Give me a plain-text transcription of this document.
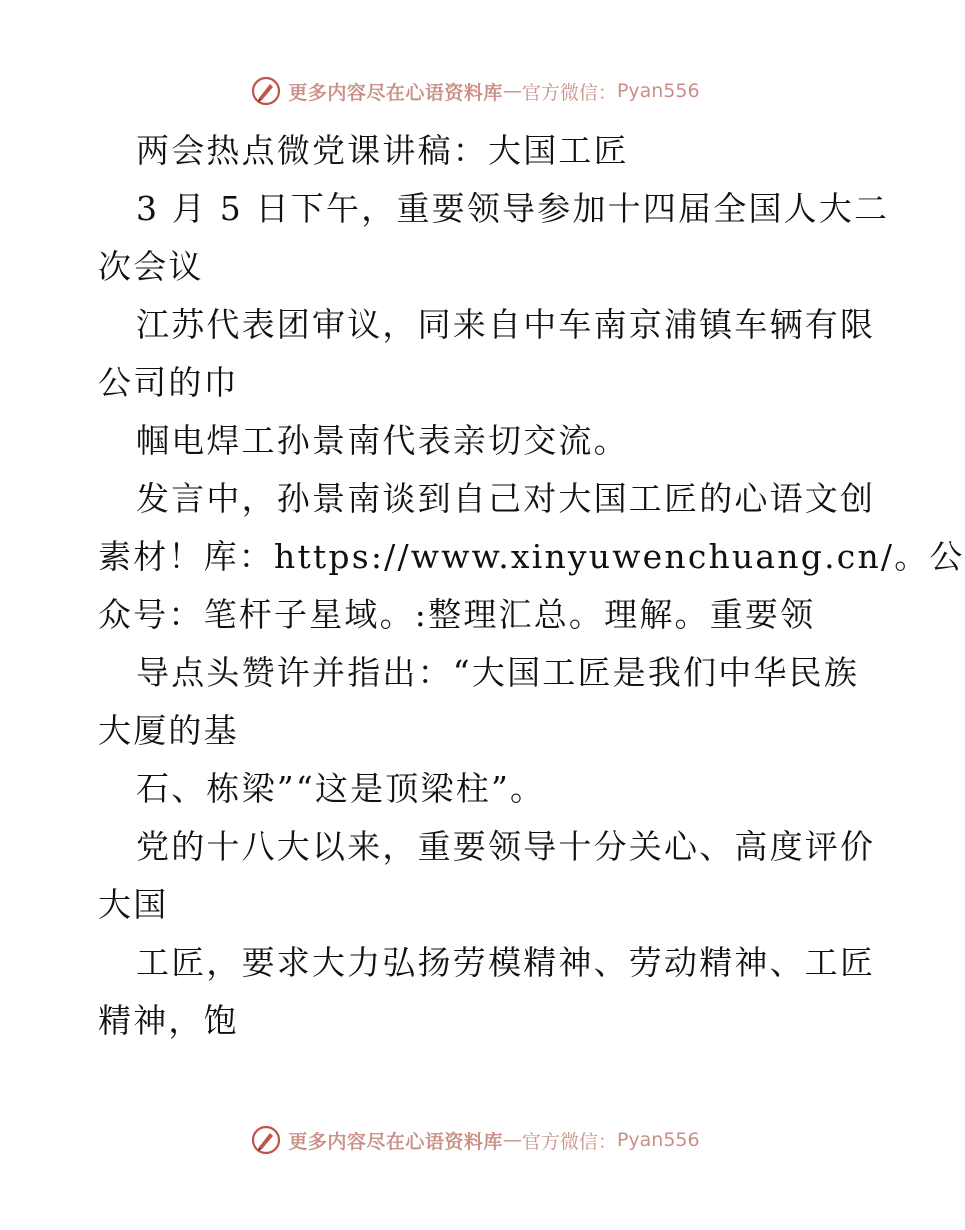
更多内容尽在心语资料库 — 官方微信： Pyan556
两会热点微党课讲稿：大国工匠
3 月 5 日下午，重要领导参加十四届全国人大二
次会议
江苏代表团审议，同来自中车南京浦镇车辆有限
公司的巾
帼电焊工孙景南代表亲切交流。
发言中，孙景南谈到自己对大国工匠的心语文创
素材！库：https://www.xinyuwenchuang.cn/。公
众号：笔杆子星域。:整理汇总。理解。重要领
导点头赞许并指出：“大国工匠是我们中华民族
大厦的基
石、栋梁”“这是顶梁柱”。
党的十八大以来，重要领导十分关心、高度评价
大国
工匠，要求大力弘扬劳模精神、劳动精神、工匠
精神，饱
更多内容尽在心语资料库 — 官方微信： Pyan556
